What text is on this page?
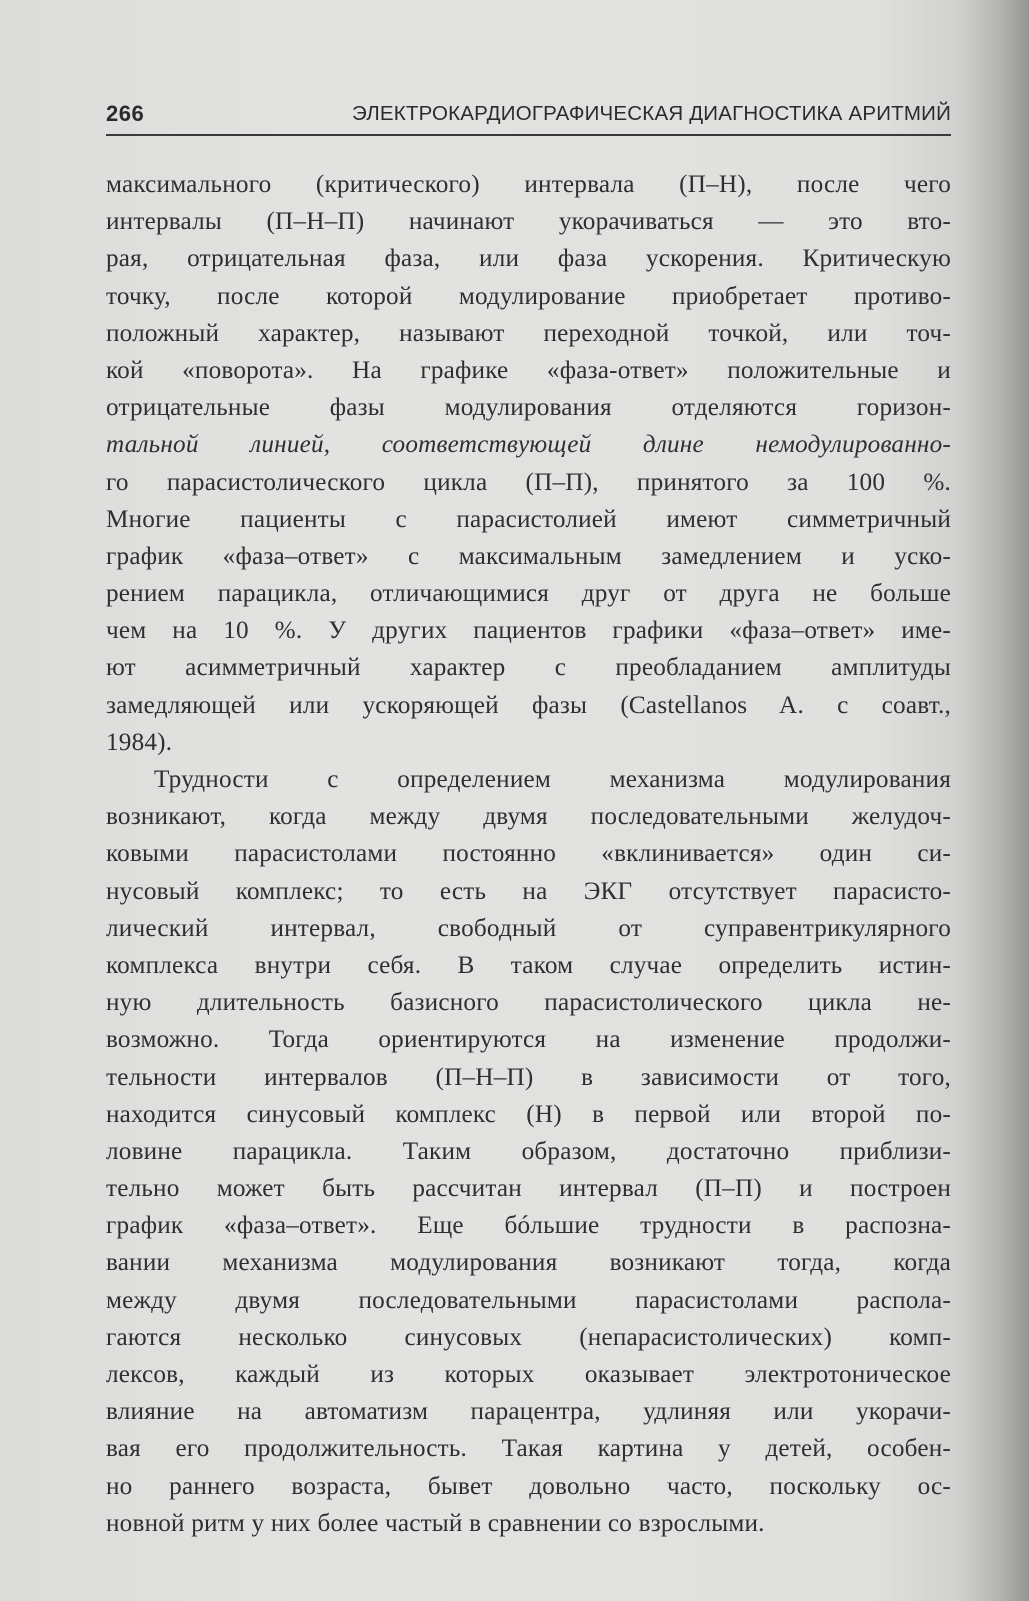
266	ЭЛЕКТРОКАРДИОГРАФИЧЕСКАЯ ДИАГНОСТИКА АРИТМИЙ
максимального (критического) интервала (П–Н), после чего
интервалы (П–Н–П) начинают укорачиваться — это вто-
рая, отрицательная фаза, или фаза ускорения. Критическую
точку, после которой модулирование приобретает противо-
положный характер, называют переходной точкой, или точ-
кой «поворота». На графике «фаза-ответ» положительные и
отрицательные фазы модулирования отделяются горизон-
тальной линией, соответствующей длине немодулированно-
го парасистолического цикла (П–П), принятого за 100 %.
Многие пациенты с парасистолией имеют симметричный
график «фаза–ответ» с максимальным замедлением и уско-
рением парацикла, отличающимися друг от друга не больше
чем на 10 %. У других пациентов графики «фаза–ответ» име-
ют асимметричный характер с преобладанием амплитуды
замедляющей или ускоряющей фазы (Castellanos A. с соавт.,
1984).
Трудности с определением механизма модулирования
возникают, когда между двумя последовательными желудоч-
ковыми парасистолами постоянно «вклинивается» один си-
нусовый комплекс; то есть на ЭКГ отсутствует парасисто-
лический интервал, свободный от суправентрикулярного
комплекса внутри себя. В таком случае определить истин-
ную длительность базисного парасистолического цикла не-
возможно. Тогда ориентируются на изменение продолжи-
тельности интервалов (П–Н–П) в зависимости от того,
находится синусовый комплекс (Н) в первой или второй по-
ловине парацикла. Таким образом, достаточно приблизи-
тельно может быть рассчитан интервал (П–П) и построен
график «фаза–ответ». Еще бóльшие трудности в распозна-
вании механизма модулирования возникают тогда, когда
между двумя последовательными парасистолами распола-
гаются несколько синусовых (непарасистолических) комп-
лексов, каждый из которых оказывает электротоническое
влияние на автоматизм парацентра, удлиняя или укорачи-
вая его продолжительность. Такая картина у детей, особен-
но раннего возраста, бывет довольно часто, поскольку ос-
новной ритм у них более частый в сравнении со взрослыми.
